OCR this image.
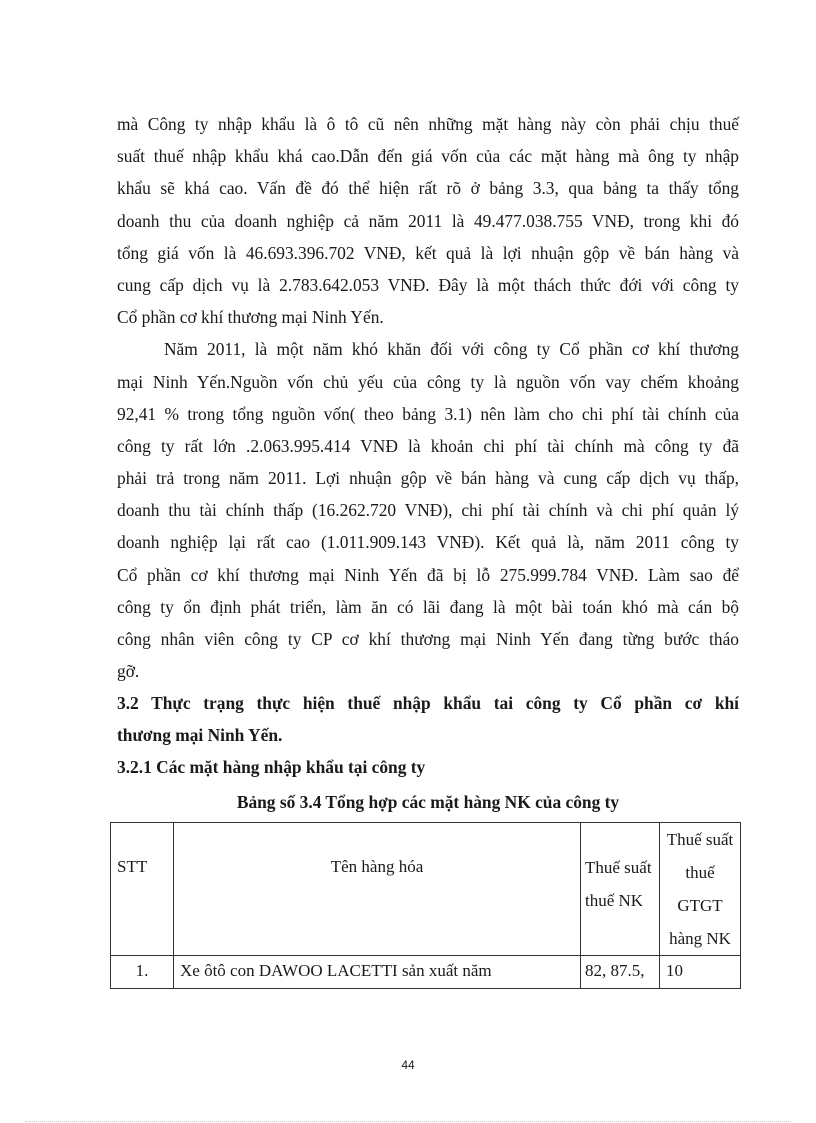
mà Công ty nhập khẩu là ô tô cũ nên những mặt hàng này còn phải chịu thuế
suất thuế nhập khẩu khá cao.Dẫn đến giá vốn của các mặt hàng mà ông ty nhập
khẩu sẽ khá cao. Vấn đề đó thể hiện rất rõ ở bảng 3.3, qua bảng ta thấy tổng
doanh thu của doanh nghiệp cả năm 2011 là 49.477.038.755 VNĐ, trong khi đó
tổng giá vốn là 46.693.396.702 VNĐ, kết quả là lợi nhuận gộp về bán hàng và
cung cấp dịch vụ là 2.783.642.053 VNĐ. Đây là một thách thức đới với công ty
Cổ phần cơ khí thương mại Ninh Yến.
Năm 2011, là một năm khó khăn đối với công ty Cổ phần cơ khí thương
mại Ninh Yến.Nguồn vốn chủ yếu của công ty là nguồn vốn vay chếm khoảng
92,41 % trong tổng nguồn vốn( theo bảng 3.1) nên làm cho chi phí tài chính của
công ty rất lớn .2.063.995.414 VNĐ là khoản chi phí tài chính mà công ty đã
phải trả trong năm 2011. Lợi nhuận gộp về bán hàng và cung cấp dịch vụ thấp,
doanh thu tài chính thấp (16.262.720 VNĐ), chi phí tài chính và chi phí quản lý
doanh nghiệp lại rất cao (1.011.909.143 VNĐ). Kết quả là, năm 2011 công ty
Cổ phần cơ khí thương mại Ninh Yến đã bị lỗ 275.999.784 VNĐ. Làm sao để
công ty ổn định phát triển, làm ăn có lãi đang là một bài toán khó mà cán bộ
công nhân viên công ty CP cơ khí thương mại Ninh Yến đang từng bước tháo
gỡ.
3.2 Thực trạng thực hiện thuế nhập khẩu tai công ty Cổ phần cơ khí
thương mại Ninh Yến.
3.2.1 Các mặt hàng nhập khẩu tại công ty
Bảng số 3.4 Tổng hợp các mặt hàng NK của công ty
STT	Tên hàng hóa	Thuế suất thuế NK	Thuế suất thuế GTGT hàng NK

1.	Xe ôtô con DAWOO LACETTI sản xuất năm	82, 87.5,	10
44
